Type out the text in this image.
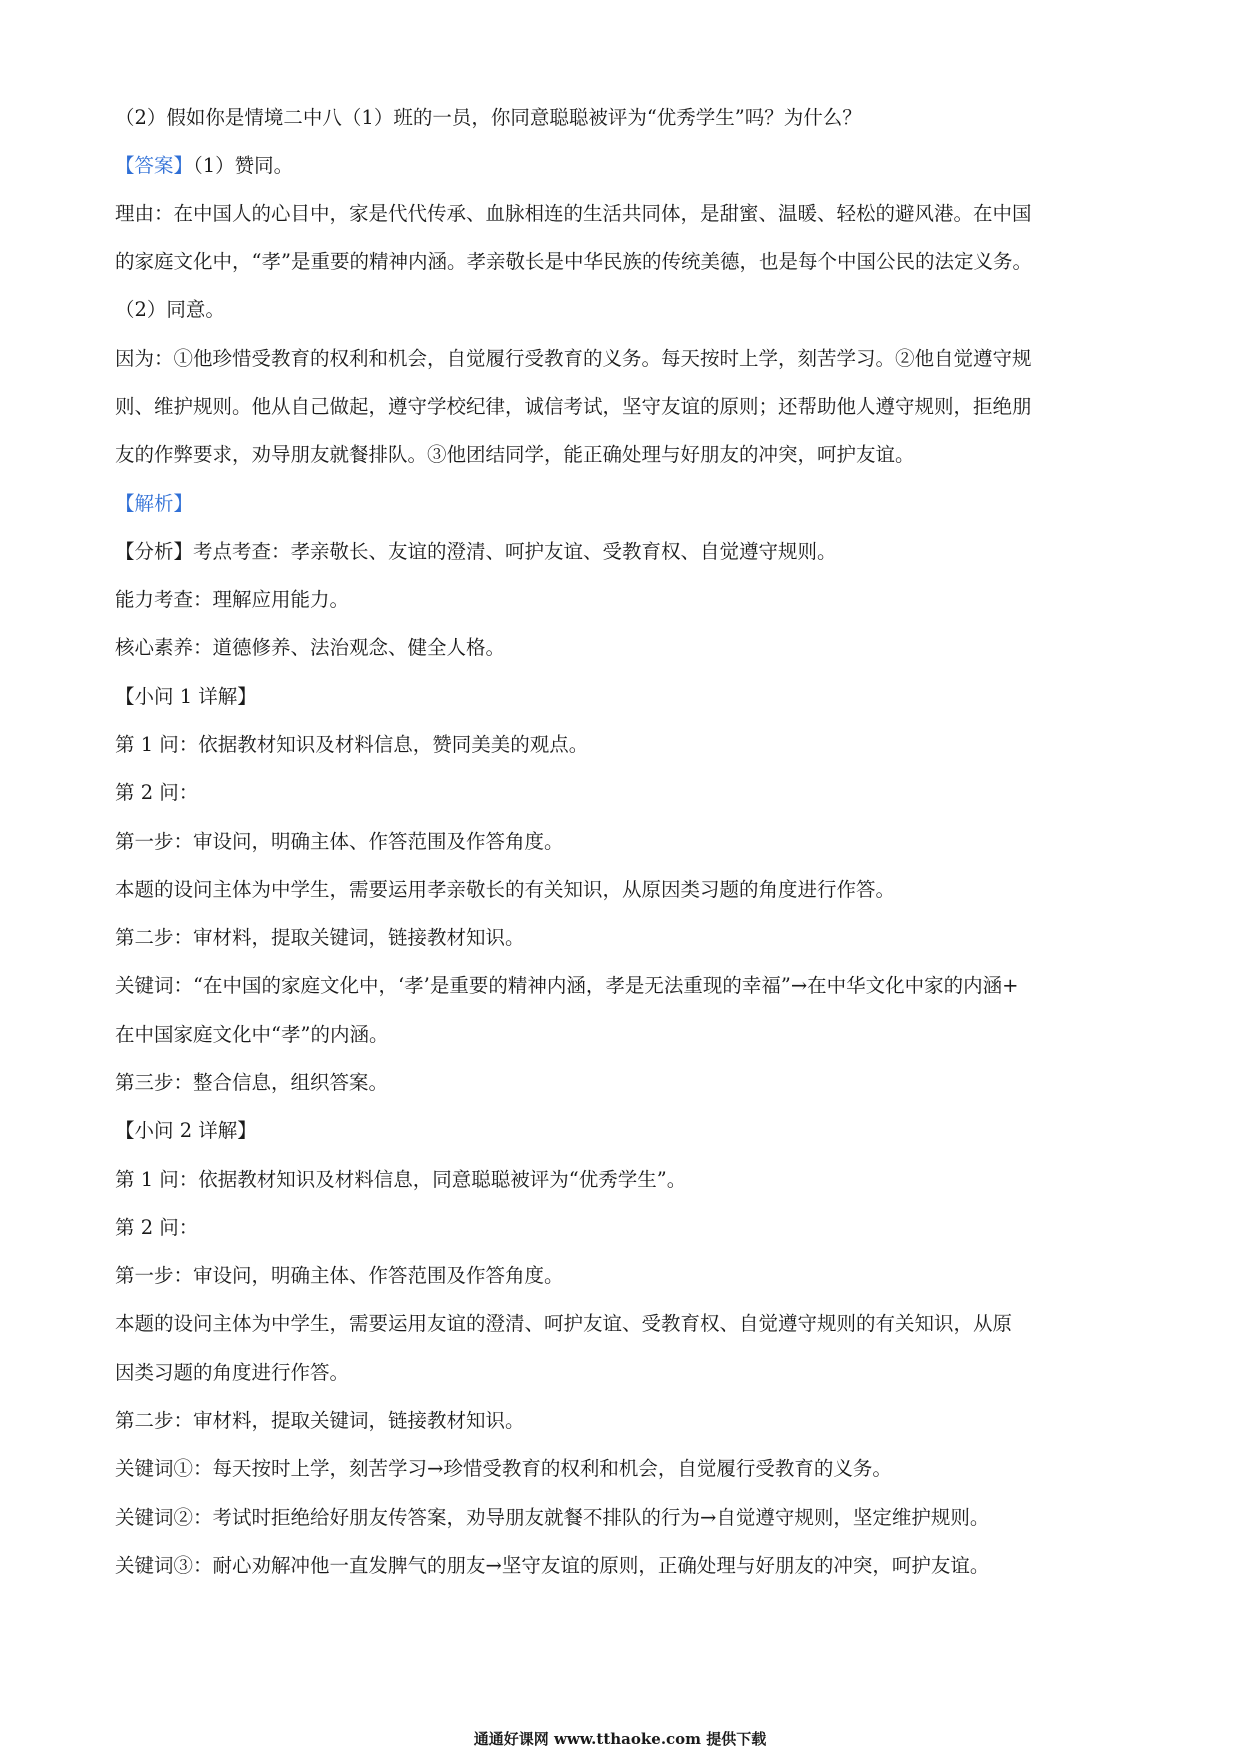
（2）假如你是情境二中八（1）班的一员，你同意聪聪被评为“优秀学生”吗？为什么？
【答案】（1）赞同。
理由：在中国人的心目中，家是代代传承、血脉相连的生活共同体，是甜蜜、温暖、轻松的避风港。在中国
的家庭文化中，“孝”是重要的精神内涵。孝亲敬长是中华民族的传统美德，也是每个中国公民的法定义务。
（2）同意。
因为：①他珍惜受教育的权利和机会，自觉履行受教育的义务。每天按时上学，刻苦学习。②他自觉遵守规
则、维护规则。他从自己做起，遵守学校纪律，诚信考试，坚守友谊的原则；还帮助他人遵守规则，拒绝朋
友的作弊要求，劝导朋友就餐排队。③他团结同学，能正确处理与好朋友的冲突，呵护友谊。
【解析】
【分析】考点考查：孝亲敬长、友谊的澄清、呵护友谊、受教育权、自觉遵守规则。
能力考查：理解应用能力。
核心素养：道德修养、法治观念、健全人格。
【小问 1 详解】
第 1 问：依据教材知识及材料信息，赞同美美的观点。
第 2 问：
第一步：审设问，明确主体、作答范围及作答角度。
本题的设问主体为中学生，需要运用孝亲敬长的有关知识，从原因类习题的角度进行作答。
第二步：审材料，提取关键词，链接教材知识。
关键词：“在中国的家庭文化中，‘孝’是重要的精神内涵，孝是无法重现的幸福”→在中华文化中家的内涵+
在中国家庭文化中“孝”的内涵。
第三步：整合信息，组织答案。
【小问 2 详解】
第 1 问：依据教材知识及材料信息，同意聪聪被评为“优秀学生”。
第 2 问：
第一步：审设问，明确主体、作答范围及作答角度。
本题的设问主体为中学生，需要运用友谊的澄清、呵护友谊、受教育权、自觉遵守规则的有关知识，从原
因类习题的角度进行作答。
第二步：审材料，提取关键词，链接教材知识。
关键词①：每天按时上学，刻苦学习→珍惜受教育的权利和机会，自觉履行受教育的义务。
关键词②：考试时拒绝给好朋友传答案，劝导朋友就餐不排队的行为→自觉遵守规则，坚定维护规则。
关键词③：耐心劝解冲他一直发脾气的朋友→坚守友谊的原则，正确处理与好朋友的冲突，呵护友谊。
通通好课网 www.tthaoke.com 提供下载
